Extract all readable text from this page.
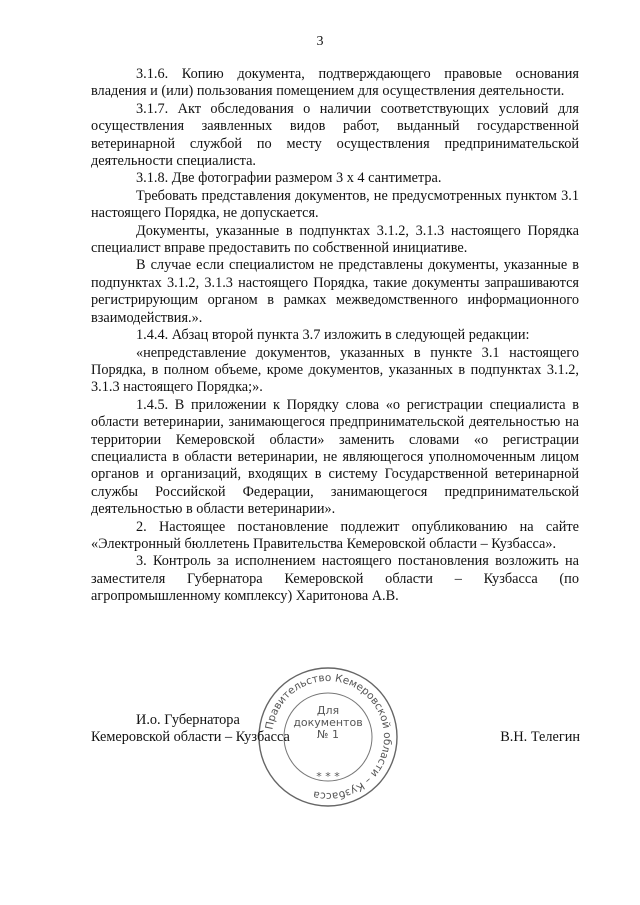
3

3.1.6. Копию документа, подтверждающего правовые основания владения и (или) пользования помещением для осуществления деятельности.

3.1.7. Акт обследования о наличии соответствующих условий для осуществления заявленных видов работ, выданный государственной ветеринарной службой по месту осуществления предпринимательской деятельности специалиста.

3.1.8. Две фотографии размером 3 х 4 сантиметра.

Требовать представления документов, не предусмотренных пунктом 3.1 настоящего Порядка, не допускается.

Документы, указанные в подпунктах 3.1.2, 3.1.3 настоящего Порядка специалист вправе предоставить по собственной инициативе.

В случае если специалистом не представлены документы, указанные в подпунктах 3.1.2, 3.1.3 настоящего Порядка, такие документы запрашиваются регистрирующим органом в рамках межведомственного информационного взаимодействия.».

1.4.4. Абзац второй пункта 3.7 изложить в следующей редакции:

«непредставление документов, указанных в пункте 3.1 настоящего Порядка, в полном объеме, кроме документов, указанных в подпунктах 3.1.2, 3.1.3 настоящего Порядка;».

1.4.5. В приложении к Порядку слова «о регистрации специалиста в области ветеринарии, занимающегося предпринимательской деятельностью на территории Кемеровской области» заменить словами «о регистрации специалиста в области ветеринарии, не являющегося уполномоченным лицом органов и организаций, входящих в систему Государственной ветеринарной службы Российской Федерации, занимающегося предпринимательской деятельностью в области ветеринарии».

2. Настоящее постановление подлежит опубликованию на сайте «Электронный бюллетень Правительства Кемеровской области – Кузбасса».

3. Контроль за исполнением настоящего постановления возложить на заместителя Губернатора Кемеровской области – Кузбасса (по агропромышленному комплексу) Харитонова А.В.

Правительство Кемеровской области – Кузбасса
Для
документов
№ 1
* * *
И.о. Губернатора
Кемеровской области – Кузбасса	В.Н. Телегин
